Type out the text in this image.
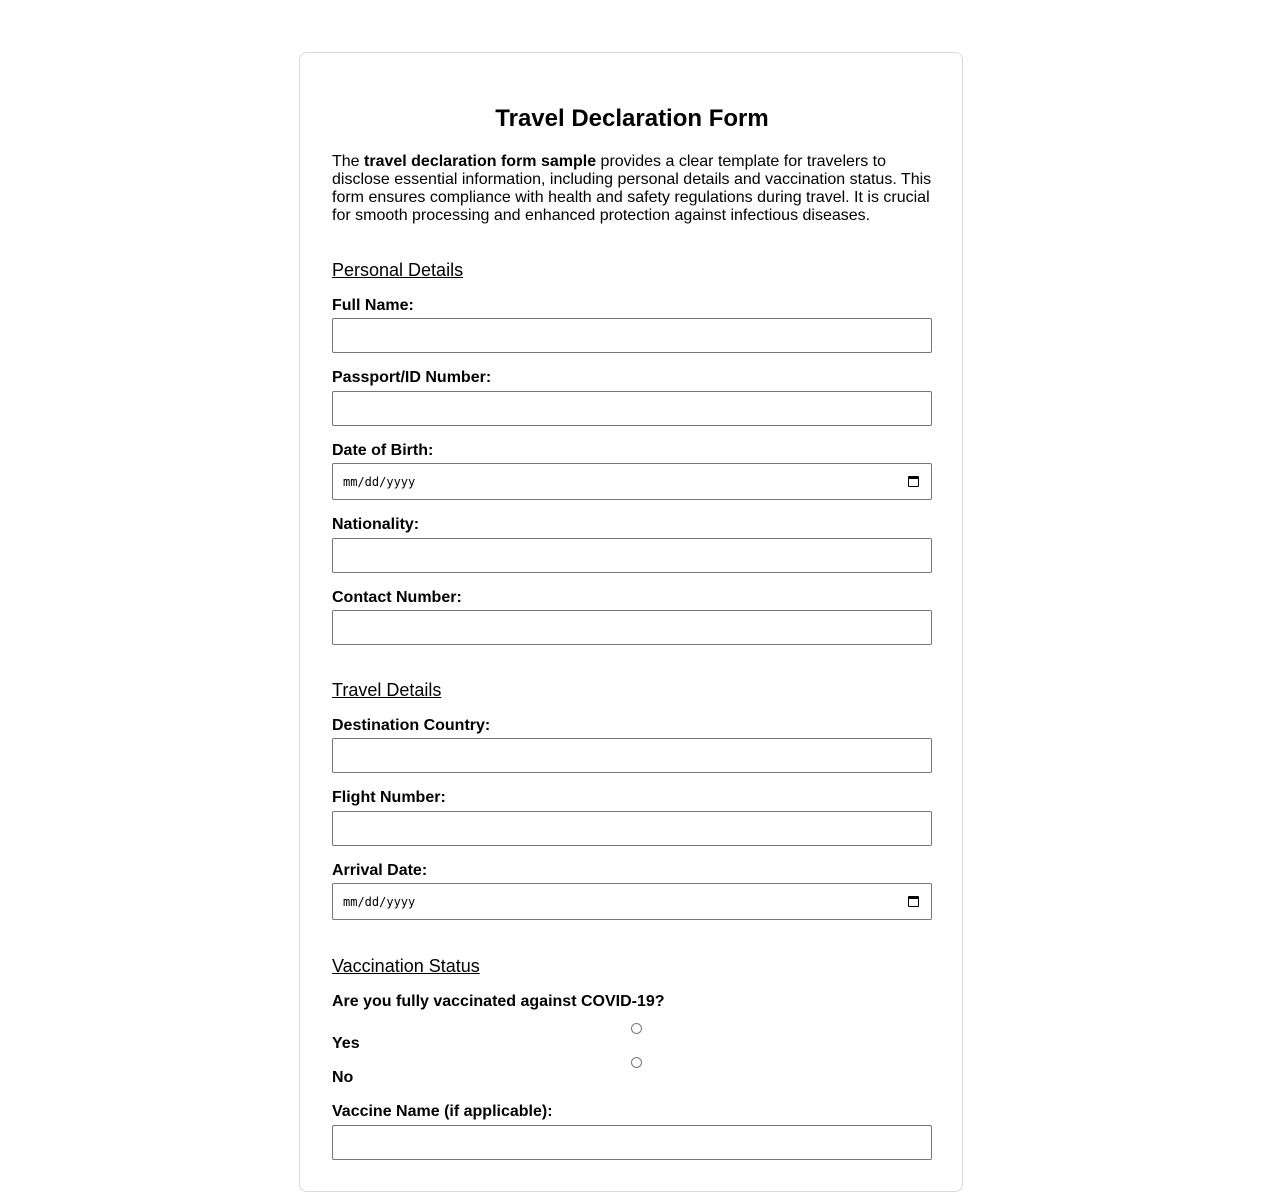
Travel Declaration Form

The travel declaration form sample provides a clear template for travelers to disclose essential information, including personal details and vaccination status. This form ensures compliance with health and safety regulations during travel. It is crucial for smooth processing and enhanced protection against infectious diseases.

Personal Details
Full Name:
Passport/ID Number:
Date of Birth:
mm/dd/yyyy
Nationality:
Contact Number:
Travel Details
Destination Country:
Flight Number:
Arrival Date:
mm/dd/yyyy
Vaccination Status
Are you fully vaccinated against COVID-19?
Yes
No
Vaccine Name (if applicable):
